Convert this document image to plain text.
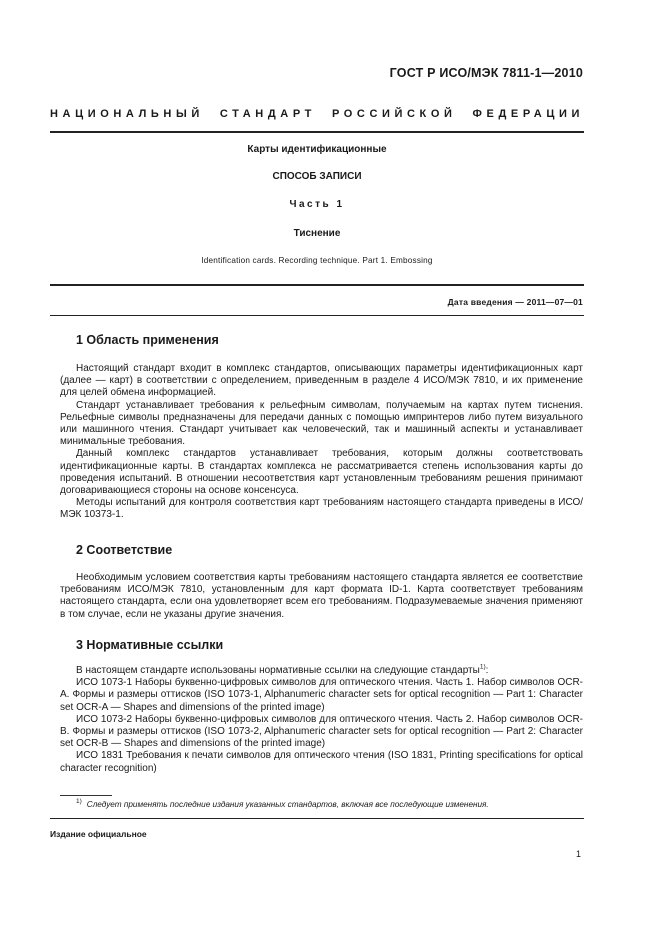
ГОСТ Р ИСО/МЭК 7811-1—2010
НАЦИОНАЛЬНЫЙ СТАНДАРТ РОССИЙСКОЙ ФЕДЕРАЦИИ
Карты идентификационные
СПОСОБ ЗАПИСИ
Часть 1
Тиснение
Identification cards. Recording technique. Part 1. Embossing
Дата введения — 2011—07—01
1 Область применения

Настоящий стандарт входит в комплекс стандартов, описывающих параметры идентификационных карт (далее — карт) в соответствии с определением, приведенным в разделе 4 ИСО/МЭК 7810, и их применение для целей обмена информацией.

Стандарт устанавливает требования к рельефным символам, получаемым на картах путем тиснения. Рельефные символы предназначены для передачи данных с помощью импринтеров либо путем визуального или машинного чтения. Стандарт учитывает как человеческий, так и машинный аспекты и устанавливает минимальные требования.

Данный комплекс стандартов устанавливает требования, которым должны соответствовать идентификационные карты. В стандартах комплекса не рассматривается степень использования карты до проведения испытаний. В отношении несоответствия карт установленным требованиям решения принимают договаривающиеся стороны на основе консенсуса.

Методы испытаний для контроля соответствия карт требованиям настоящего стандарта приведены в ИСО/МЭК 10373-1.

2 Соответствие

Необходимым условием соответствия карты требованиям настоящего стандарта является ее соответствие требованиям ИСО/МЭК 7810, установленным для карт формата ID-1. Карта соответствует требованиям настоящего стандарта, если она удовлетворяет всем его требованиям. Подразумеваемые значения применяют в том случае, если не указаны другие значения.

3 Нормативные ссылки

В настоящем стандарте использованы нормативные ссылки на следующие стандарты$^{1)}$:

ИСО 1073-1 Наборы буквенно-цифровых символов для оптического чтения. Часть 1. Набор символов OCR-A. Формы и размеры оттисков (ISO 1073-1, Alphanumeric character sets for optical recognition — Part 1: Character set OCR-A — Shapes and dimensions of the printed image)

ИСО 1073-2 Наборы буквенно-цифровых символов для оптического чтения. Часть 2. Набор символов OCR-B. Формы и размеры оттисков (ISO 1073-2, Alphanumeric character sets for optical recognition — Part 2: Character set OCR-B — Shapes and dimensions of the printed image)

ИСО 1831 Требования к печати символов для оптического чтения (ISO 1831, Printing specifications for optical character recognition)

$^{1)}$ Следует применять последние издания указанных стандартов, включая все последующие изменения.
Издание официальное
1
